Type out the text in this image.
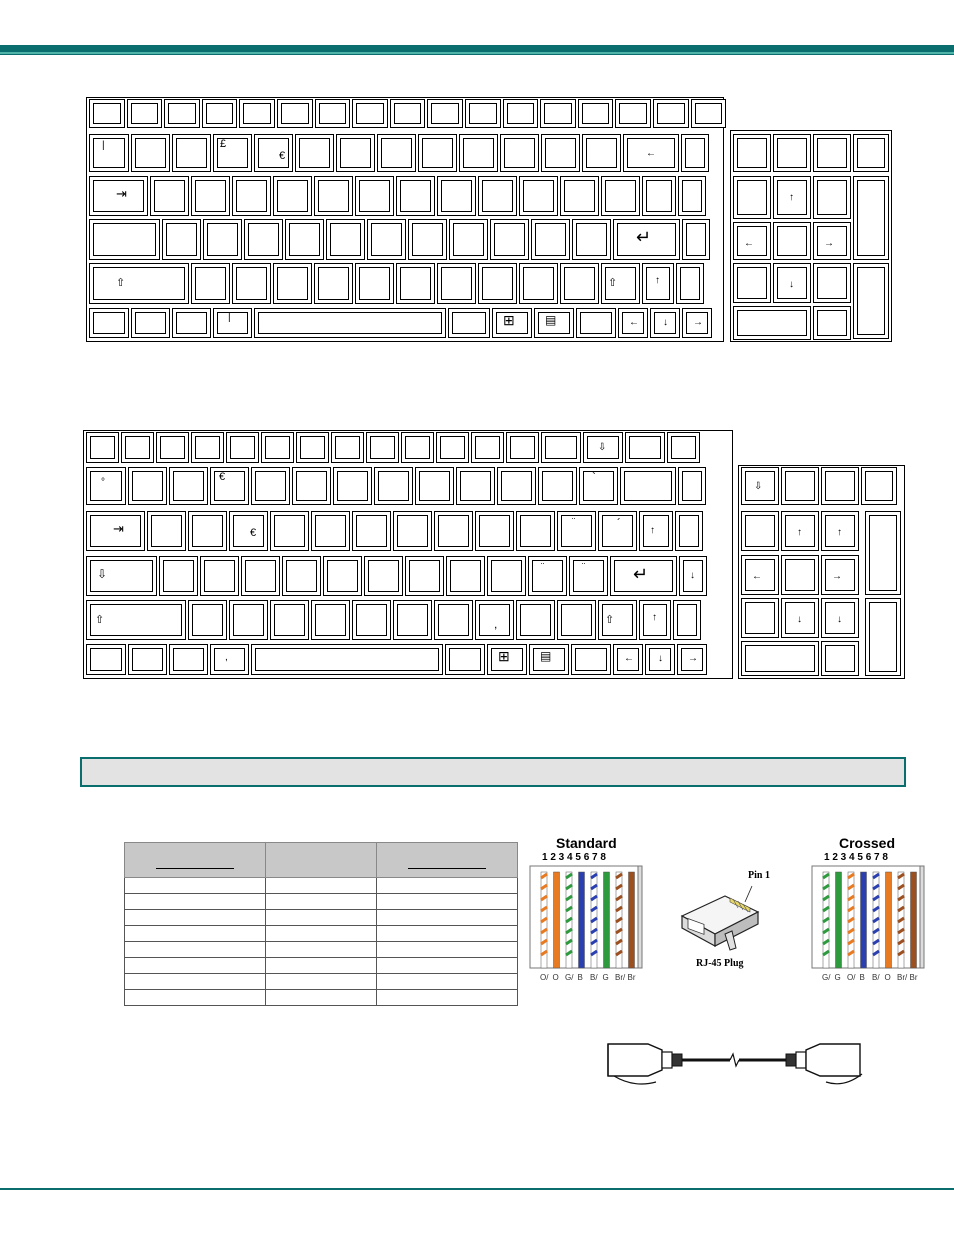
|	£
€
‾
←
⇥
↵
⇧	⇧	↑
|	⊞	▤	← ↓	→
↑
←	→
↓
⇩
°	€	`
⇥	€
¨	´
↑
⇩	¨	¨	↵	↓
⇧	,	⇧	↑
,	⊞	▤	← ↓	→
⇩
↑	↑
←	→
↓	↓

Standard
1 2 3 4 5 6 7 8
O/ O G/ B B/ G Br/ Br
Pin 1
RJ-45 Plug
Crossed
1 2 3 4 5 6 7 8
G/ G O/ B B/ O Br/ Br
